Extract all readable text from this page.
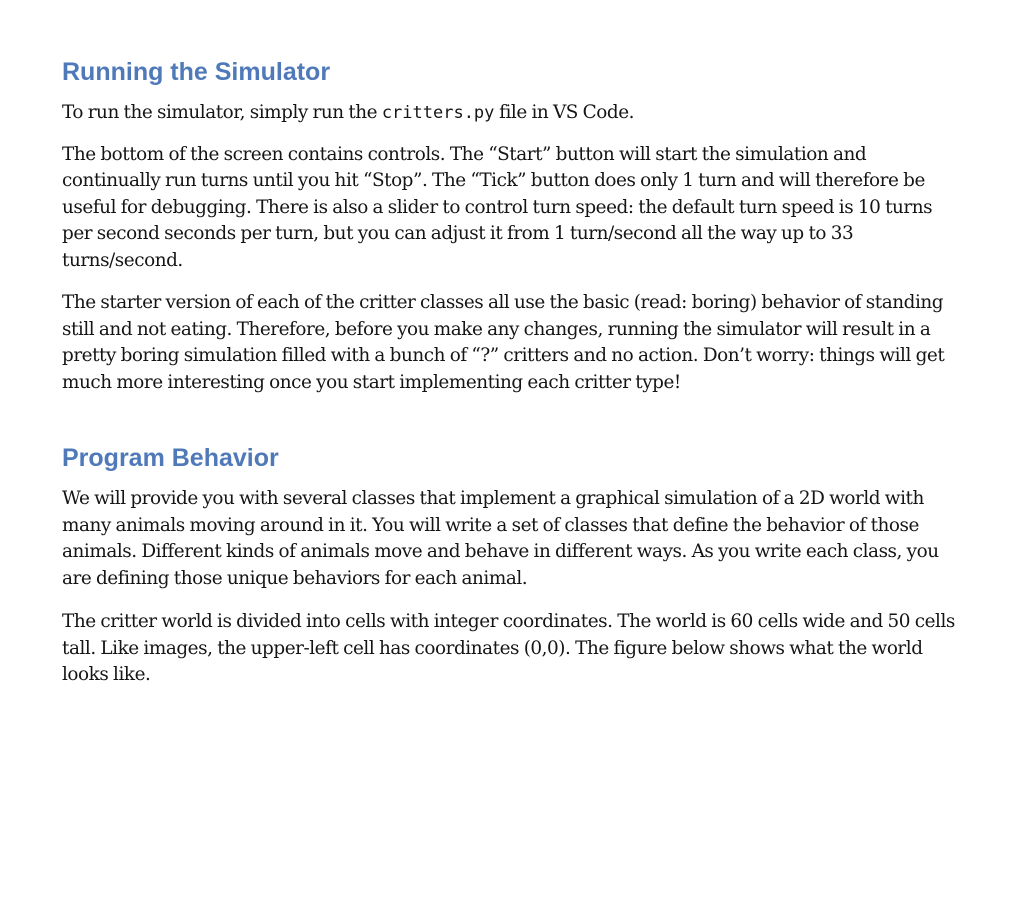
Running the Simulator

To run the simulator, simply run the critters.py file in VS Code.

The bottom of the screen contains controls. The “Start” button will start the simulation and continually run turns until you hit “Stop”. The “Tick” button does only 1 turn and will therefore be useful for debugging. There is also a slider to control turn speed: the default turn speed is 10 turns per second seconds per turn, but you can adjust it from 1 turn/second all the way up to 33 turns/second.

The starter version of each of the critter classes all use the basic (read: boring) behavior of standing still and not eating. Therefore, before you make any changes, running the simulator will result in a pretty boring simulation filled with a bunch of “?” critters and no action. Don’t worry: things will get much more interesting once you start implementing each critter type!

Program Behavior

We will provide you with several classes that implement a graphical simulation of a 2D world with many animals moving around in it. You will write a set of classes that define the behavior of those animals. Different kinds of animals move and behave in different ways. As you write each class, you are defining those unique behaviors for each animal.

The critter world is divided into cells with integer coordinates. The world is 60 cells wide and 50 cells tall. Like images, the upper-left cell has coordinates (0,0). The figure below shows what the world looks like.
